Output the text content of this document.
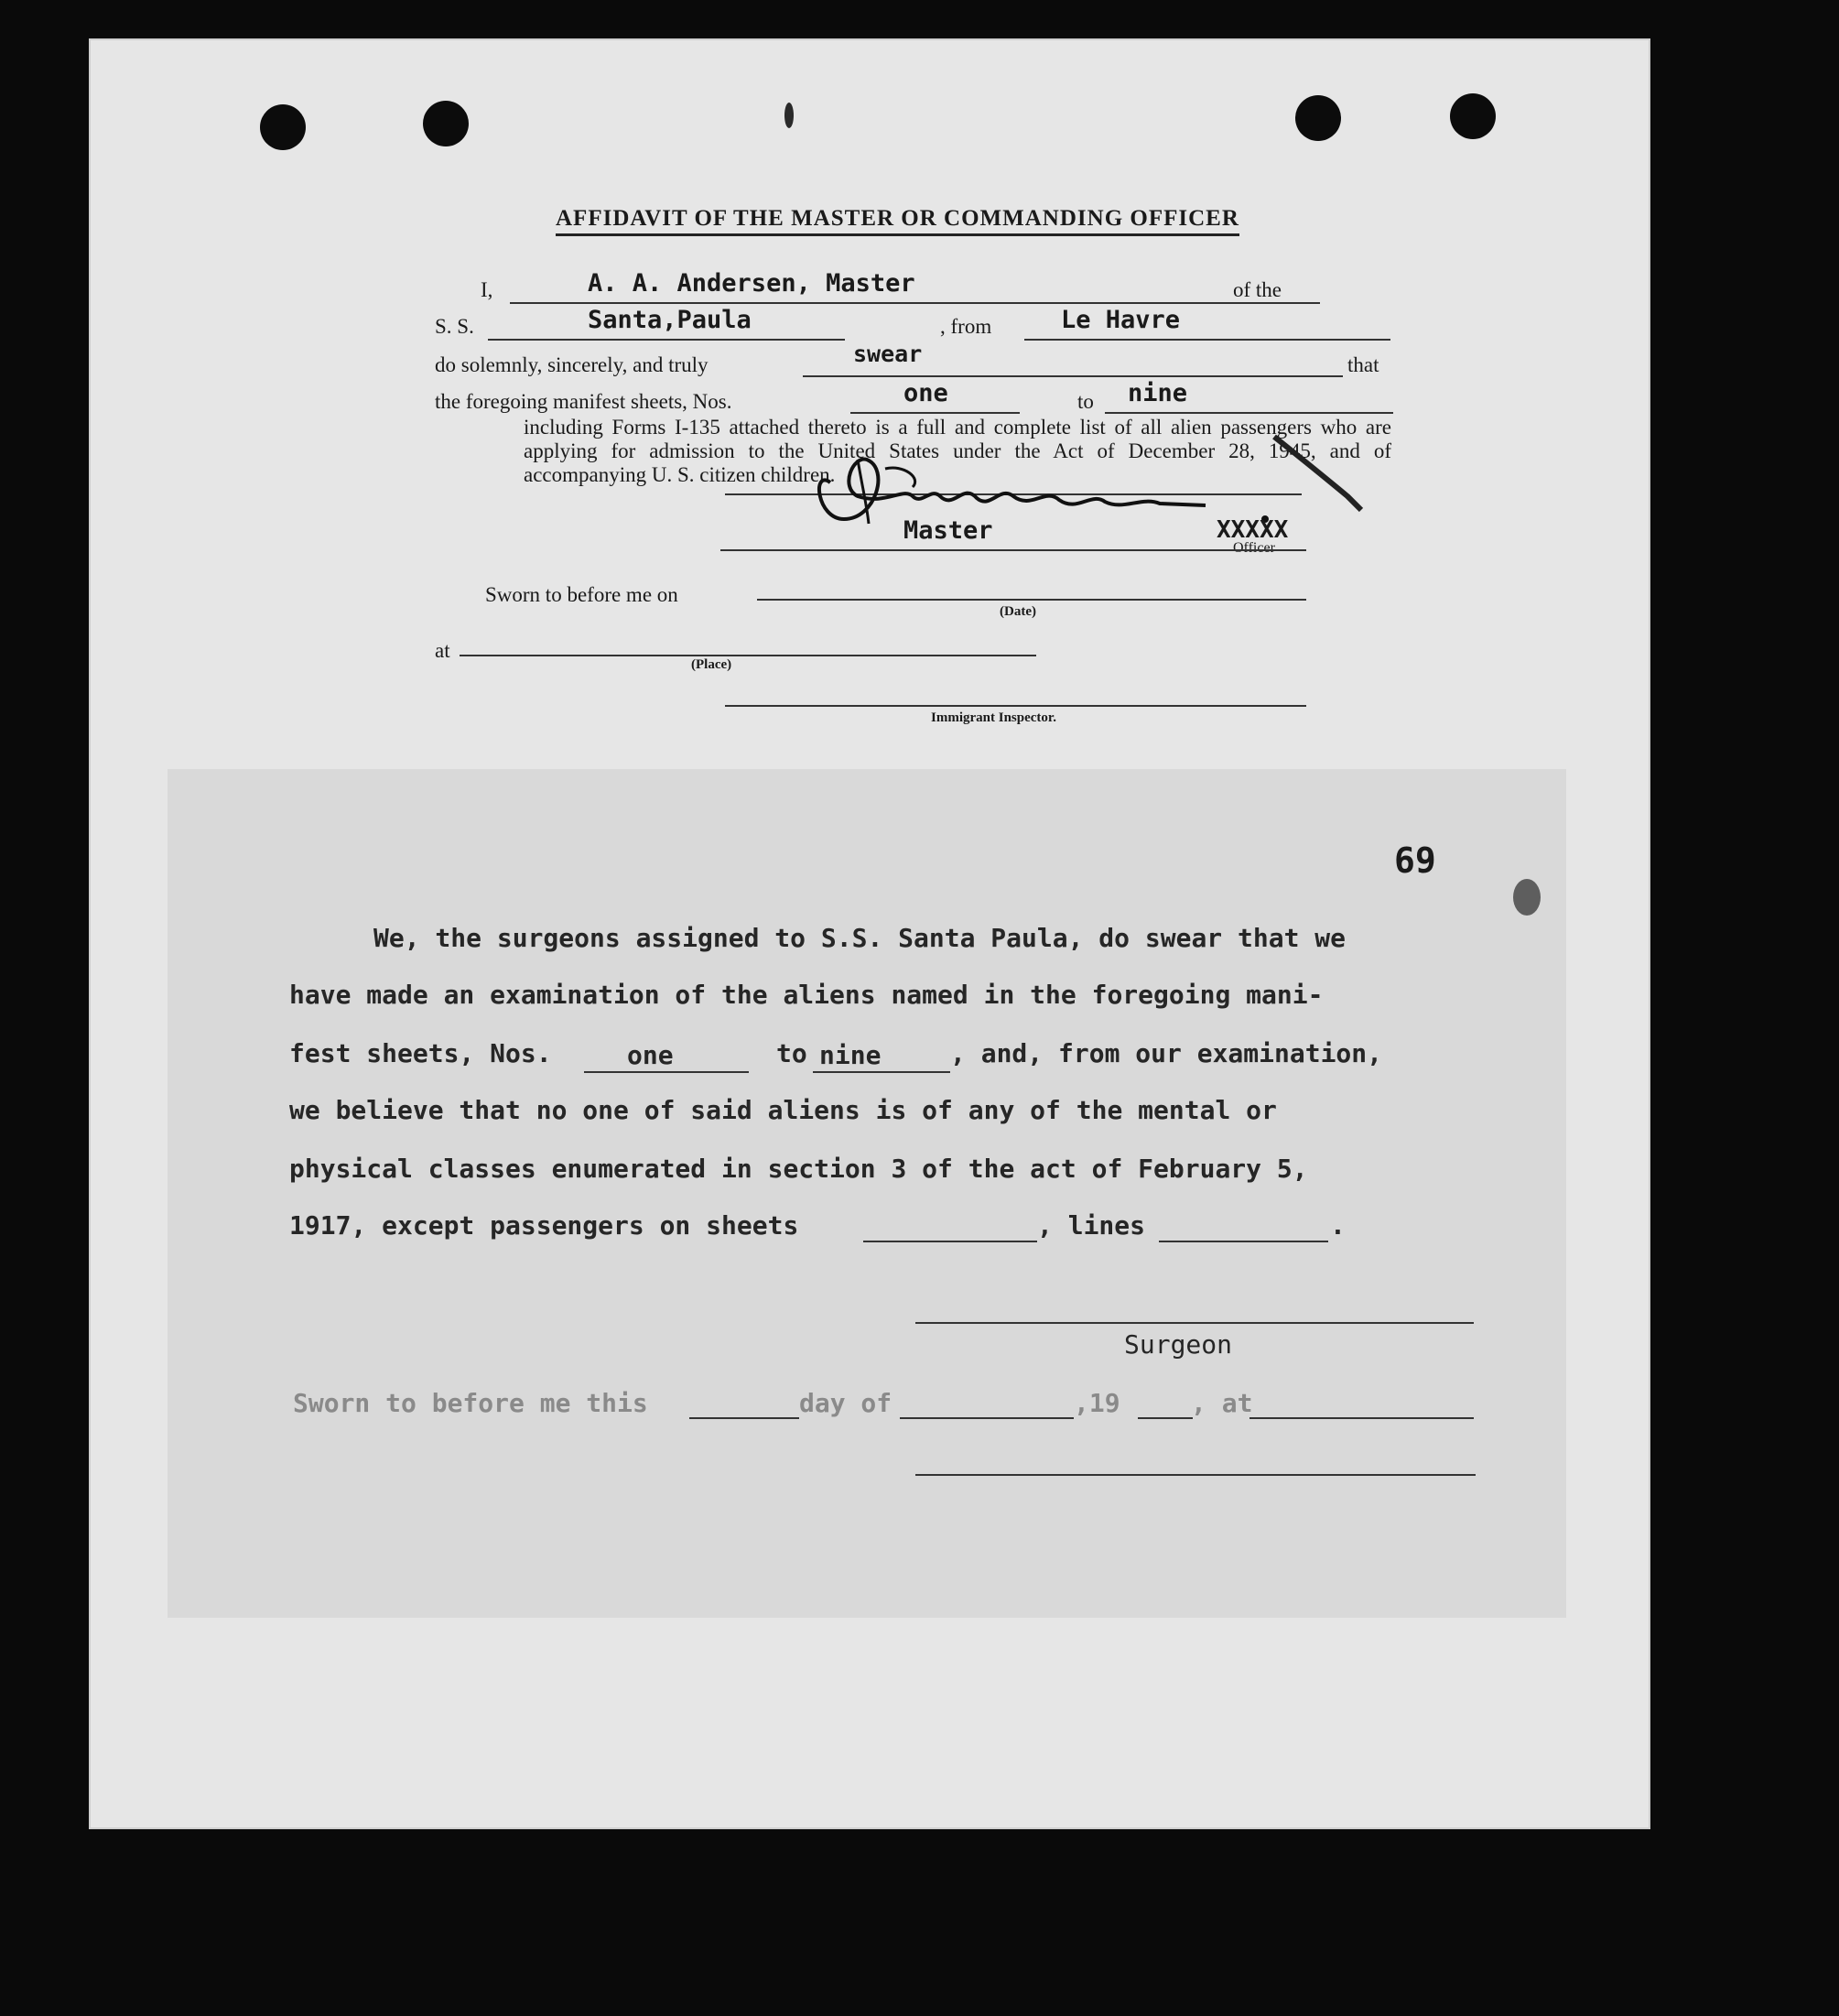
AFFIDAVIT OF THE MASTER OR COMMANDING OFFICER
I,	A. A. Andersen, Master	of the
S. S.	Santa,Paula	, from	Le Havre
do solemnly, sincerely, and truly	swear	that
the foregoing manifest sheets, Nos.	one	to nine
including Forms I-135 attached thereto is a full and complete list of all alien passengers who are applying for admission to the United States under the Act of December 28, 1945, and of accompanying U. S. citizen children.
Master	XXXXX
Officer
Sworn to before me on
(Date)
at
(Place)
Immigrant Inspector.
69
We, the surgeons assigned to S.S. Santa Paula, do swear that we
have made an examination of the aliens named in the foregoing mani-
fest sheets, Nos.	one	to nine	, and, from our examination,
we believe that no one of said aliens is of any of the mental or
physical classes enumerated in section 3 of the act of February 5,
1917, except passengers on sheets	, lines	.
Surgeon
Sworn to before me this	day of	,19	, at
